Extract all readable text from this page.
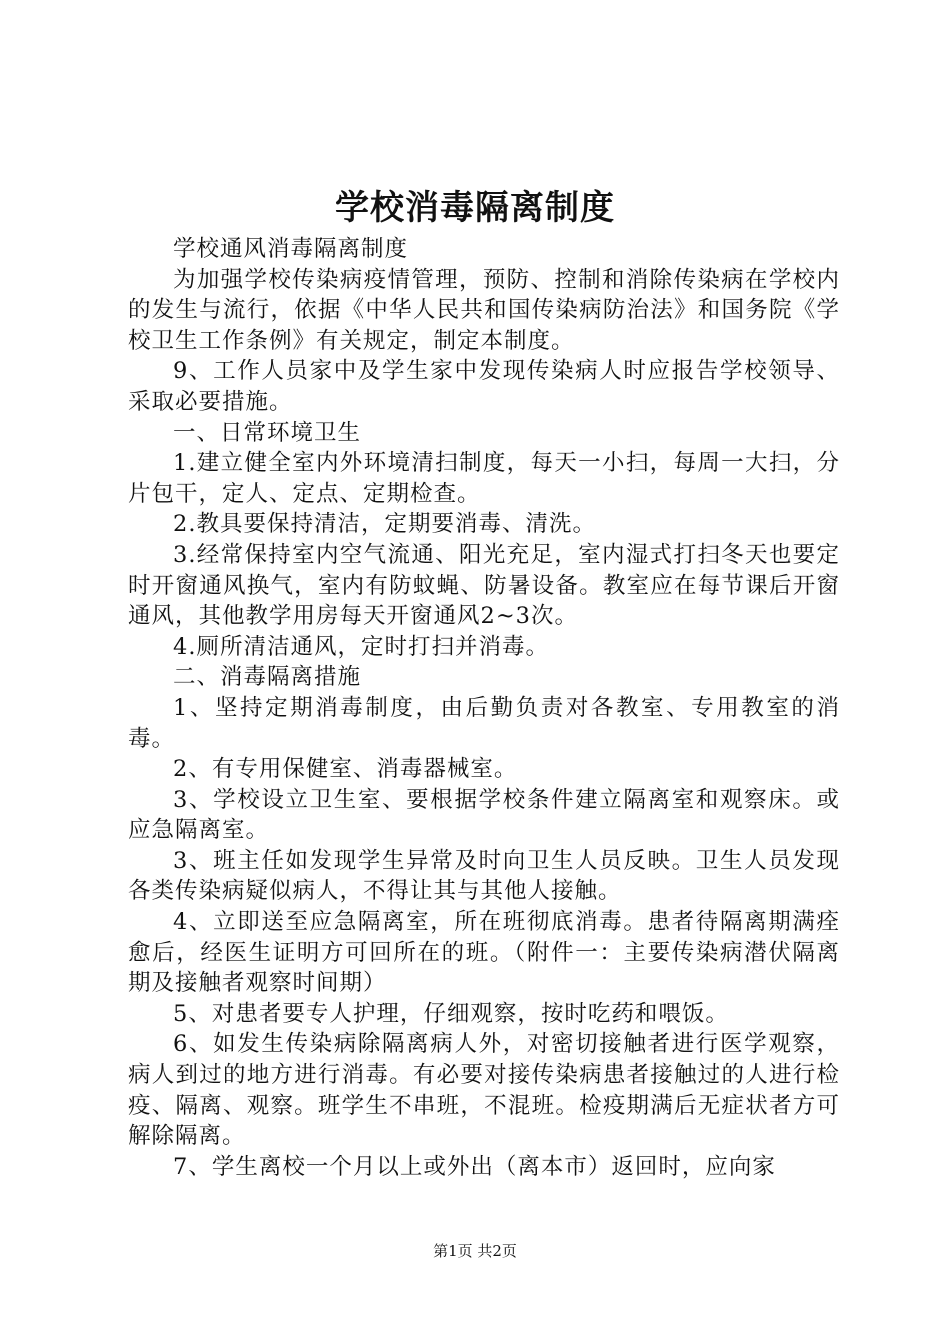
学校消毒隔离制度

学校通风消毒隔离制度

为加强学校传染病疫情管理，预防、控制和消除传染病在学校内的发生与流行，依据《中华人民共和国传染病防治法》和国务院《学校卫生工作条例》有关规定，制定本制度。

9、工作人员家中及学生家中发现传染病人时应报告学校领导、采取必要措施。

一、日常环境卫生

1.建立健全室内外环境清扫制度，每天一小扫，每周一大扫，分片包干，定人、定点、定期检查。

2.教具要保持清洁，定期要消毒、清洗。

3.经常保持室内空气流通、阳光充足，室内湿式打扫冬天也要定时开窗通风换气，室内有防蚊蝇、防暑设备。教室应在每节课后开窗通风，其他教学用房每天开窗通风2~3次。

4.厕所清洁通风，定时打扫并消毒。

二、消毒隔离措施

1、坚持定期消毒制度，由后勤负责对各教室、专用教室的消毒。

2、有专用保健室、消毒器械室。

3、学校设立卫生室、要根据学校条件建立隔离室和观察床。或应急隔离室。

3、班主任如发现学生异常及时向卫生人员反映。卫生人员发现各类传染病疑似病人，不得让其与其他人接触。

4、立即送至应急隔离室，所在班彻底消毒。患者待隔离期满痊愈后，经医生证明方可回所在的班。（附件一：主要传染病潜伏隔离期及接触者观察时间期）

5、对患者要专人护理，仔细观察，按时吃药和喂饭。

6、如发生传染病除隔离病人外，对密切接触者进行医学观察，病人到过的地方进行消毒。有必要对接传染病患者接触过的人进行检疫、隔离、观察。班学生不串班，不混班。检疫期满后无症状者方可解除隔离。

7、学生离校一个月以上或外出（离本市）返回时，应向家

第1页 共2页
